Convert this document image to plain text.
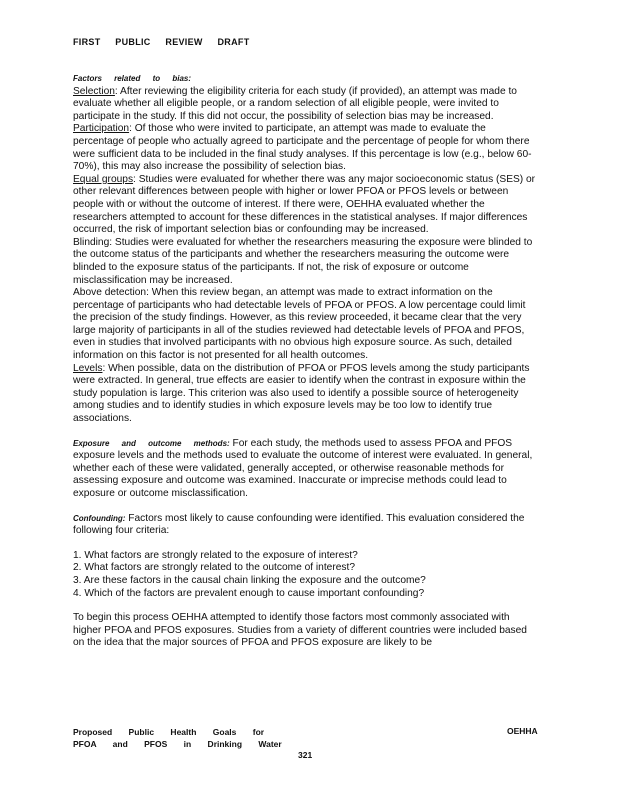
FIRST PUBLIC REVIEW DRAFT

Factors related to bias:

Selection: After reviewing the eligibility criteria for each study (if provided), an attempt was made to evaluate whether all eligible people, or a random selection of all eligible people, were invited to participate in the study. If this did not occur, the possibility of selection bias may be increased.

Participation: Of those who were invited to participate, an attempt was made to evaluate the percentage of people who actually agreed to participate and the percentage of people for whom there were sufficient data to be included in the final study analyses. If this percentage is low (e.g., below 60-70%), this may also increase the possibility of selection bias.

Equal groups: Studies were evaluated for whether there was any major socioeconomic status (SES) or other relevant differences between people with higher or lower PFOA or PFOS levels or between people with or without the outcome of interest. If there were, OEHHA evaluated whether the researchers attempted to account for these differences in the statistical analyses. If major differences occurred, the risk of important selection bias or confounding may be increased.

Blinding: Studies were evaluated for whether the researchers measuring the exposure were blinded to the outcome status of the participants and whether the researchers measuring the outcome were blinded to the exposure status of the participants. If not, the risk of exposure or outcome misclassification may be increased.

Above detection: When this review began, an attempt was made to extract information on the percentage of participants who had detectable levels of PFOA or PFOS. A low percentage could limit the precision of the study findings. However, as this review proceeded, it became clear that the very large majority of participants in all of the studies reviewed had detectable levels of PFOA and PFOS, even in studies that involved participants with no obvious high exposure source. As such, detailed information on this factor is not presented for all health outcomes.

Levels: When possible, data on the distribution of PFOA or PFOS levels among the study participants were extracted. In general, true effects are easier to identify when the contrast in exposure within the study population is large. This criterion was also used to identify a possible source of heterogeneity among studies and to identify studies in which exposure levels may be too low to identify true associations.

Exposure and outcome methods: For each study, the methods used to assess PFOA and PFOS exposure levels and the methods used to evaluate the outcome of interest were evaluated. In general, whether each of these were validated, generally accepted, or otherwise reasonable methods for assessing exposure and outcome was examined. Inaccurate or imprecise methods could lead to exposure or outcome misclassification.

Confounding: Factors most likely to cause confounding were identified. This evaluation considered the following four criteria:

1. What factors are strongly related to the exposure of interest?
2. What factors are strongly related to the outcome of interest?
3. Are these factors in the causal chain linking the exposure and the outcome?
4. Which of the factors are prevalent enough to cause important confounding?

To begin this process OEHHA attempted to identify those factors most commonly associated with higher PFOA and PFOS exposures. Studies from a variety of different countries were included based on the idea that the major sources of PFOA and PFOS exposure are likely to be

Proposed Public Health Goals for
PFOA and PFOS in Drinking Water
OEHHA
321
